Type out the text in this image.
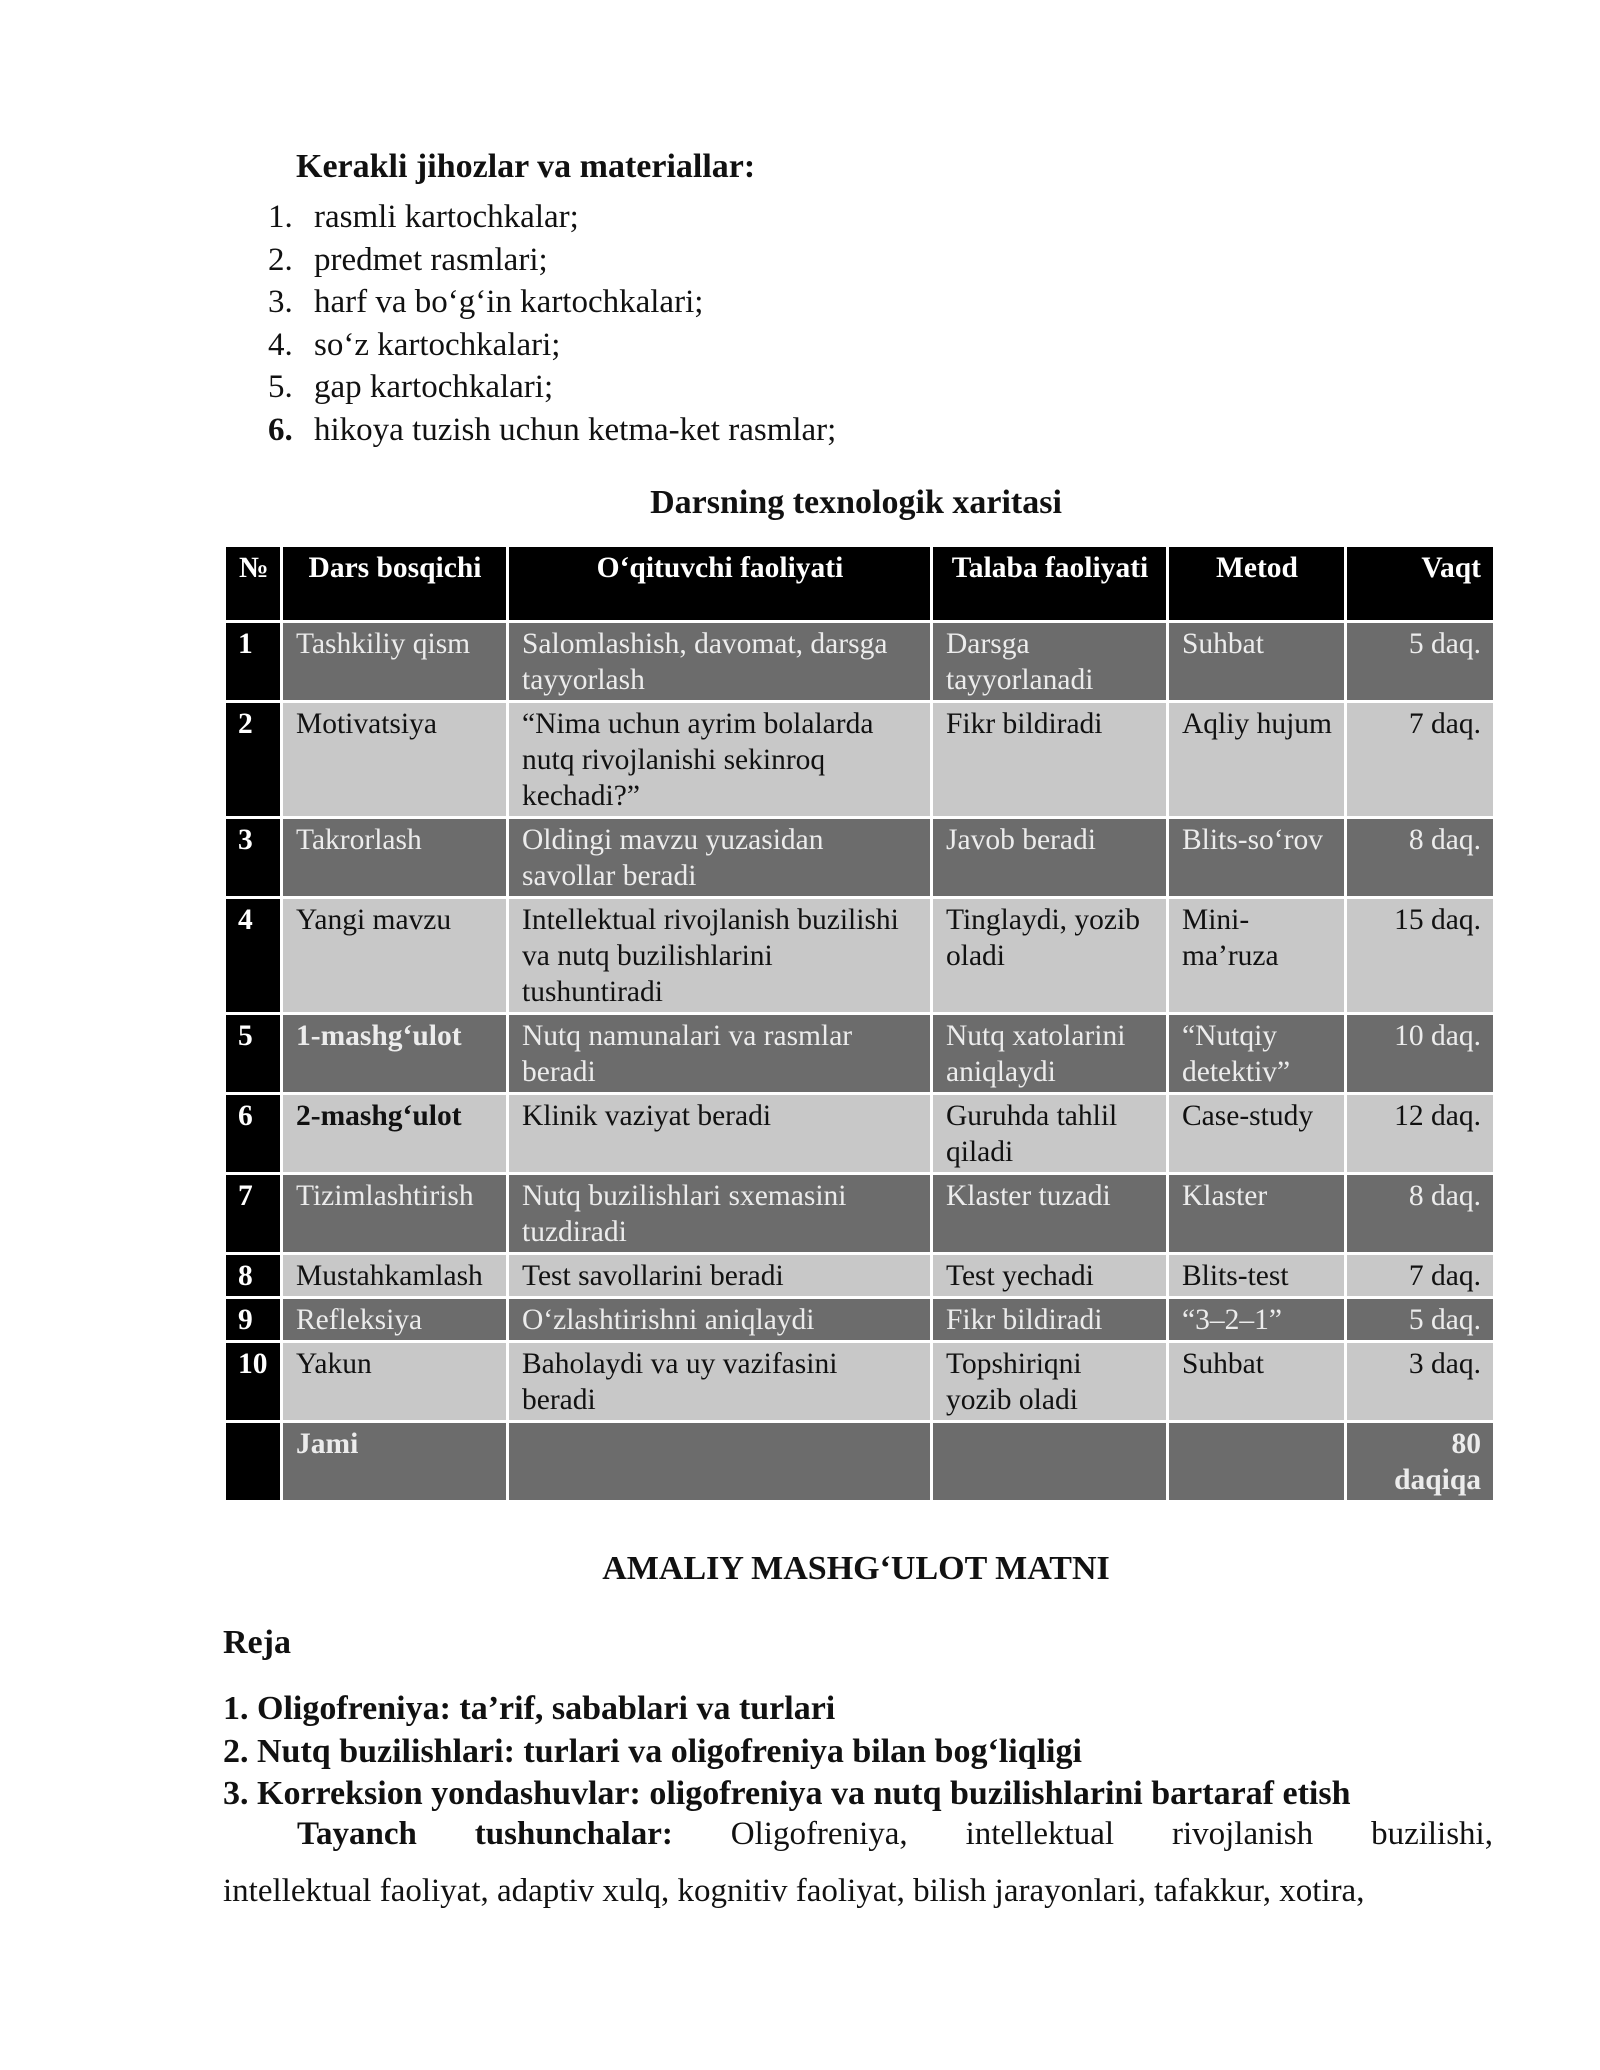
Kerakli jihozlar va materiallar:
1. rasmli kartochkalar;
2. predmet rasmlari;
3. harf va bo‘g‘in kartochkalari;
4. so‘z kartochkalari;
5. gap kartochkalari;
6. hikoya tuzish uchun ketma-ket rasmlar;
Darsning texnologik xaritasi
№	Dars bosqichi	O‘qituvchi faoliyati	Talaba faoliyati	Metod	Vaqt
1	Tashkiliy qism	Salomlashish, davomat, darsga tayyorlash	Darsga tayyorlanadi	Suhbat	5 daq.
2	Motivatsiya	“Nima uchun ayrim bolalarda nutq rivojlanishi sekinroq kechadi?”	Fikr bildiradi	Aqliy hujum	7 daq.
3	Takrorlash	Oldingi mavzu yuzasidan savollar beradi	Javob beradi	Blits-so‘rov	8 daq.
4	Yangi mavzu	Intellektual rivojlanish buzilishi va nutq buzilishlarini tushuntiradi	Tinglaydi, yozib oladi	Mini-ma’ruza	15 daq.
5	1-mashg‘ulot	Nutq namunalari va rasmlar beradi	Nutq xatolarini aniqlaydi	“Nutqiy detektiv”	10 daq.
6	2-mashg‘ulot	Klinik vaziyat beradi	Guruhda tahlil qiladi	Case-study	12 daq.
7	Tizimlashtirish	Nutq buzilishlari sxemasini tuzdiradi	Klaster tuzadi	Klaster	8 daq.
8	Mustahkamlash	Test savollarini beradi	Test yechadi	Blits-test	7 daq.
9	Refleksiya	O‘zlashtirishni aniqlaydi	Fikr bildiradi	“3–2–1”	5 daq.
10	Yakun	Baholaydi va uy vazifasini beradi	Topshiriqni yozib oladi	Suhbat	3 daq.
	Jami				80 daqiqa
AMALIY MASHG‘ULOT MATNI
Reja
1. Oligofreniya: ta’rif, sabablari va turlari
2. Nutq buzilishlari: turlari va oligofreniya bilan bog‘liqligi
3. Korreksion yondashuvlar: oligofreniya va nutq buzilishlarini bartaraf etish

Tayanch tushunchalar: Oligofreniya, intellektual rivojlanish buzilishi,
intellektual faoliyat, adaptiv xulq, kognitiv faoliyat, bilish jarayonlari, tafakkur, xotira,
